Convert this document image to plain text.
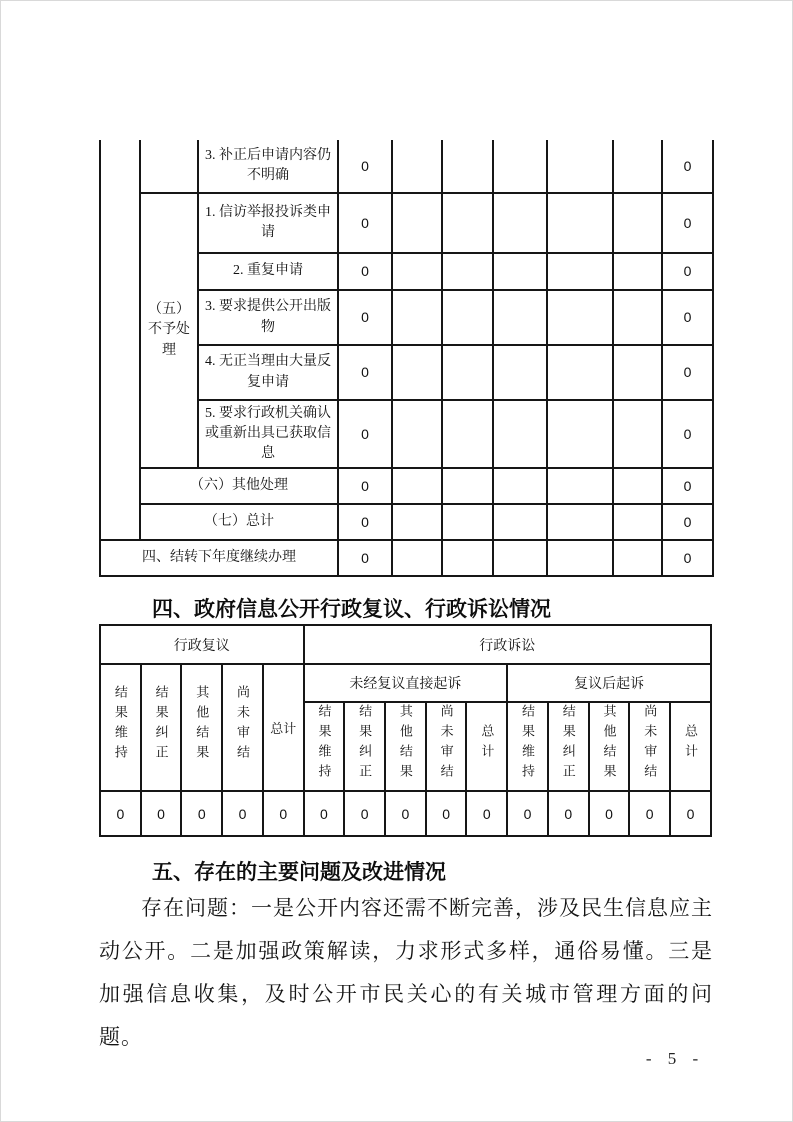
		3. 补正后申请内容仍不明确	0						0
	（五）不予处理	1. 信访举报投诉类申请	0						0
		2. 重复申请	0						0
		3. 要求提供公开出版物	0						0
		4. 无正当理由大量反复申请	0						0
		5. 要求行政机关确认或重新出具已获取信息	0						0
	（六）其他处理		0						0
	（七）总计		0						0
四、结转下年度继续办理			0						0
四、政府信息公开行政复议、行政诉讼情况
行政复议					行政诉讼									
结果维持	结果纠正	其他结果	尚未审结	总计	未经复议直接起诉					复议后起诉				
					结果维持	结果纠正	其他结果	尚未审结	总计	结果维持	结果纠正	其他结果	尚未审结	总计
0	0	0	0	0	0	0	0	0	0	0	0	0	0	0
五、存在的主要问题及改进情况

存在问题：一是公开内容还需不断完善，涉及民生信息应主动公开。二是加强政策解读，力求形式多样，通俗易懂。三是加强信息收集，及时公开市民关心的有关城市管理方面的问题。

- 5 -
